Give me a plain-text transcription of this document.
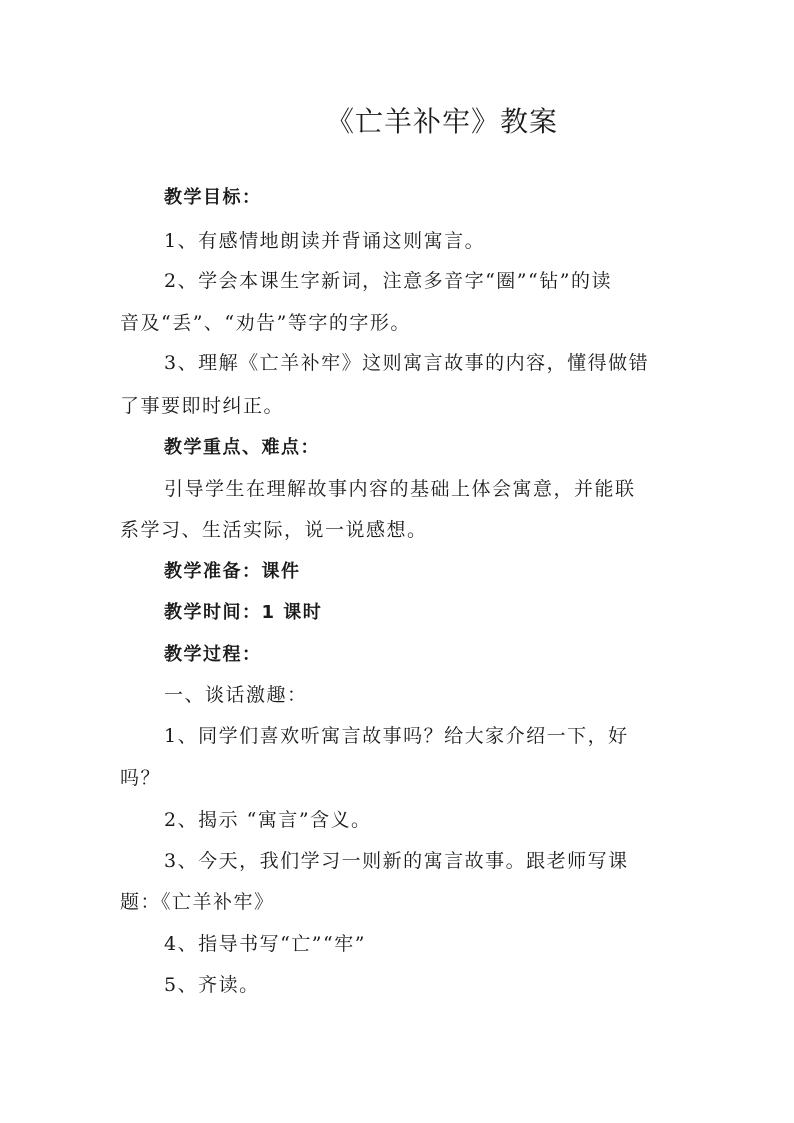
《亡羊补牢》教案

教学目标：

1、有感情地朗读并背诵这则寓言。

2、学会本课生字新词，注意多音字“圈”“钻”的读

音及“丢”、“劝告”等字的字形。

3、理解《亡羊补牢》这则寓言故事的内容，懂得做错

了事要即时纠正。

教学重点、难点：

引导学生在理解故事内容的基础上体会寓意，并能联

系学习、生活实际，说一说感想。

教学准备：课件

教学时间：1 课时

教学过程：

一、谈话激趣：

1、同学们喜欢听寓言故事吗？给大家介绍一下，好

吗？

2、揭示 “寓言”含义。

3、今天，我们学习一则新的寓言故事。跟老师写课

题：《亡羊补牢》

4、指导书写“亡”“牢”

5、齐读。
